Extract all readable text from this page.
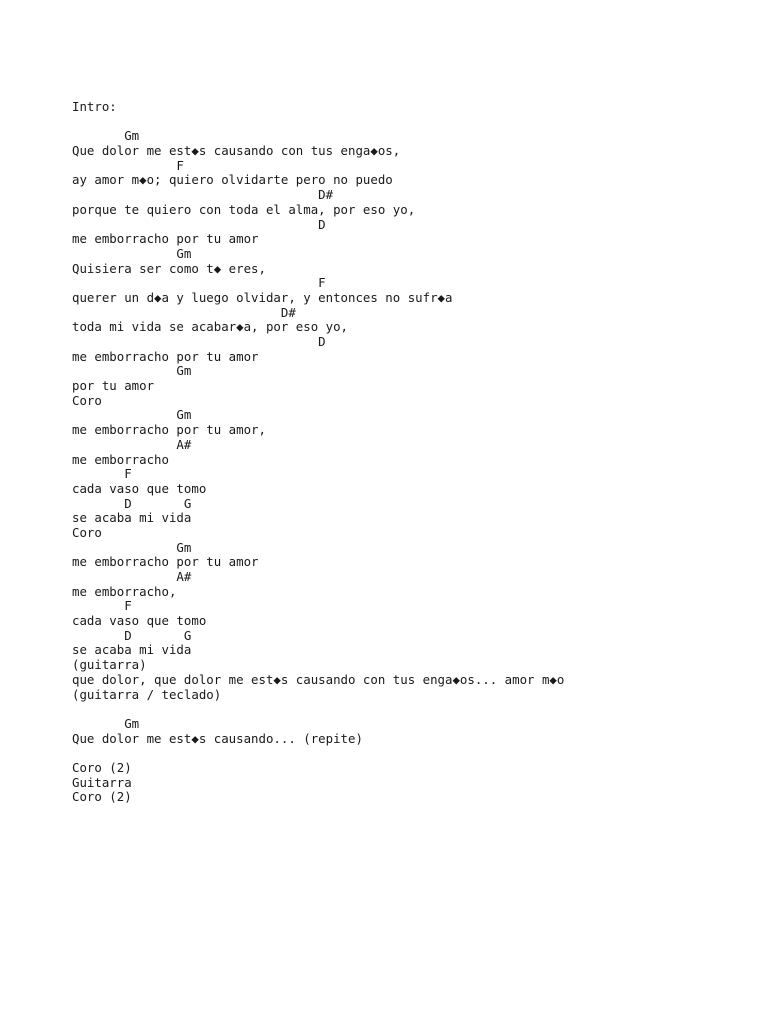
Intro:
Gm
Que dolor me est◆s causando con tus enga◆os,
F
ay amor m◆o; quiero olvidarte pero no puedo
D#
porque te quiero con toda el alma, por eso yo,
D
me emborracho por tu amor
Gm
Quisiera ser como t◆ eres,
F
querer un d◆a y luego olvidar, y entonces no sufr◆a
D#
toda mi vida se acabar◆a, por eso yo,
D
me emborracho por tu amor
Gm
por tu amor
Coro
Gm
me emborracho por tu amor,
A#
me emborracho
F
cada vaso que tomo
D       G
se acaba mi vida
Coro
Gm
me emborracho por tu amor
A#
me emborracho,
F
cada vaso que tomo
D       G
se acaba mi vida
(guitarra)
que dolor, que dolor me est◆s causando con tus enga◆os... amor m◆o
(guitarra / teclado)
Gm
Que dolor me est◆s causando... (repite)
Coro (2)
Guitarra
Coro (2)
